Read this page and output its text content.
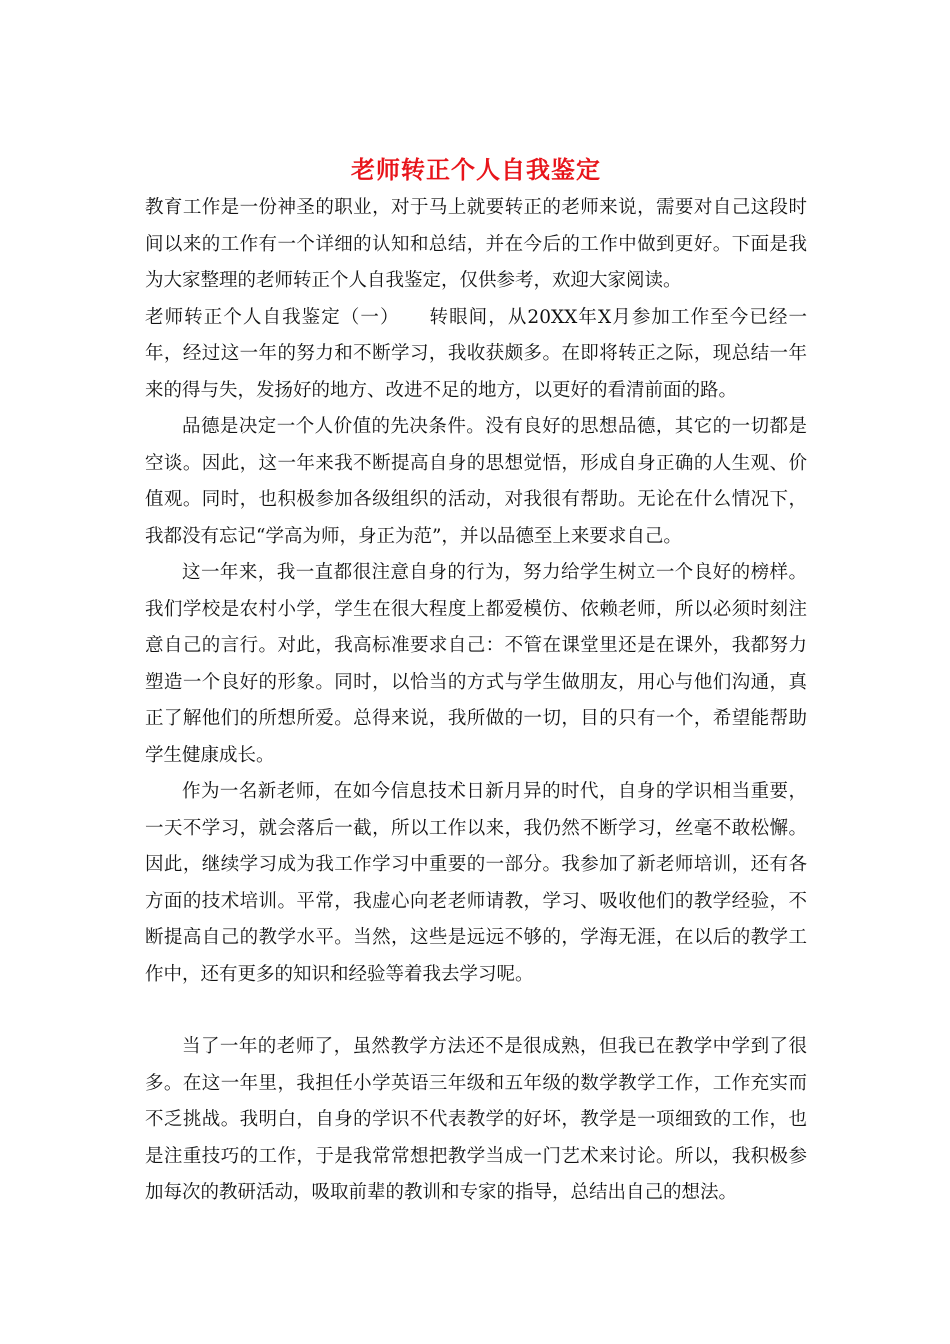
老师转正个人自我鉴定

教育工作是一份神圣的职业，对于马上就要转正的老师来说，需要对自己这段时间以来的工作有一个详细的认知和总结，并在今后的工作中做到更好。下面是我为大家整理的老师转正个人自我鉴定，仅供参考，欢迎大家阅读。

老师转正个人自我鉴定（一）　　转眼间，从20XX年X月参加工作至今已经一年，经过这一年的努力和不断学习，我收获颇多。在即将转正之际，现总结一年来的得与失，发扬好的地方、改进不足的地方，以更好的看清前面的路。

品德是决定一个人价值的先决条件。没有良好的思想品德，其它的一切都是空谈。因此，这一年来我不断提高自身的思想觉悟，形成自身正确的人生观、价值观。同时，也积极参加各级组织的活动，对我很有帮助。无论在什么情况下，我都没有忘记“学高为师，身正为范”，并以品德至上来要求自己。

这一年来，我一直都很注意自身的行为，努力给学生树立一个良好的榜样。我们学校是农村小学，学生在很大程度上都爱模仿、依赖老师，所以必须时刻注意自己的言行。对此，我高标准要求自己：不管在课堂里还是在课外，我都努力塑造一个良好的形象。同时，以恰当的方式与学生做朋友，用心与他们沟通，真正了解他们的所想所爱。总得来说，我所做的一切，目的只有一个，希望能帮助学生健康成长。

作为一名新老师，在如今信息技术日新月异的时代，自身的学识相当重要，一天不学习，就会落后一截，所以工作以来，我仍然不断学习，丝毫不敢松懈。因此，继续学习成为我工作学习中重要的一部分。我参加了新老师培训，还有各方面的技术培训。平常，我虚心向老老师请教，学习、吸收他们的教学经验，不断提高自己的教学水平。当然，这些是远远不够的，学海无涯，在以后的教学工作中，还有更多的知识和经验等着我去学习呢。

当了一年的老师了，虽然教学方法还不是很成熟，但我已在教学中学到了很多。在这一年里，我担任小学英语三年级和五年级的数学教学工作，工作充实而不乏挑战。我明白，自身的学识不代表教学的好坏，教学是一项细致的工作，也是注重技巧的工作，于是我常常想把教学当成一门艺术来讨论。所以，我积极参加每次的教研活动，吸取前辈的教训和专家的指导，总结出自己的想法。
